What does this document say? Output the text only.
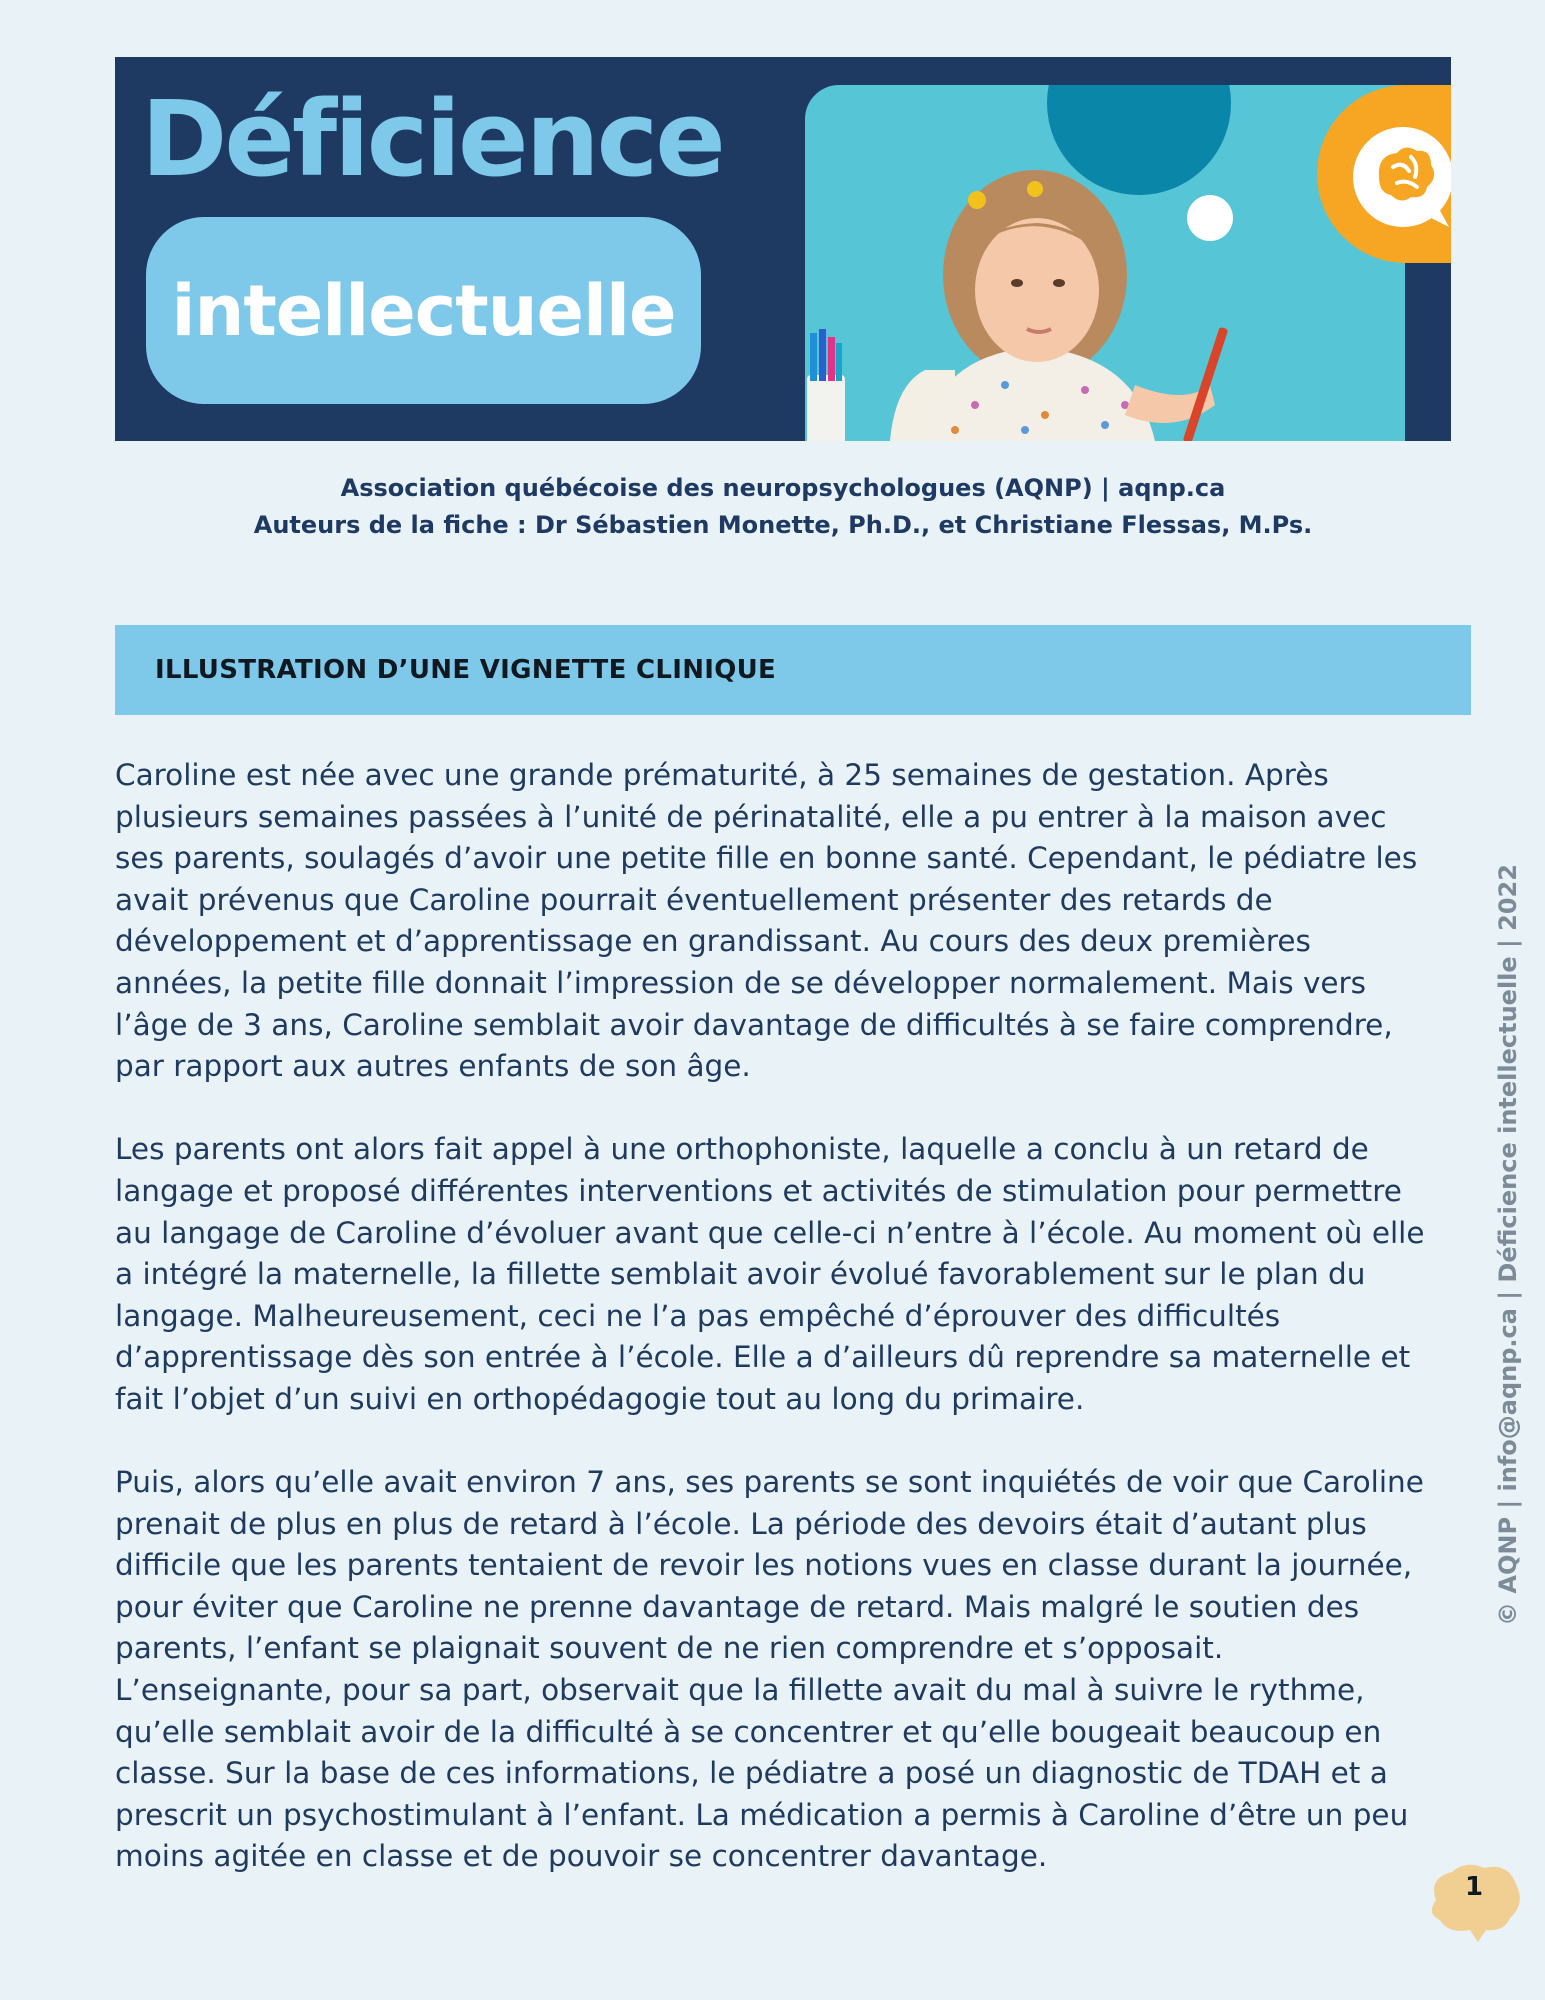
Déficience
intellectuelle
Association québécoise des neuropsychologues (AQNP) | aqnp.ca
Auteurs de la fiche : Dr Sébastien Monette, Ph.D., et Christiane Flessas, M.Ps.
ILLUSTRATION D’UNE VIGNETTE CLINIQUE

Caroline est née avec une grande prématurité, à 25 semaines de gestation. Après plusieurs semaines passées à l’unité de périnatalité, elle a pu entrer à la maison avec ses parents, soulagés d’avoir une petite fille en bonne santé. Cependant, le pédiatre les avait prévenus que Caroline pourrait éventuellement présenter des retards de développement et d’apprentissage en grandissant. Au cours des deux premières années, la petite fille donnait l’impression de se développer normalement. Mais vers l’âge de 3 ans, Caroline semblait avoir davantage de difficultés à se faire comprendre, par rapport aux autres enfants de son âge.

Les parents ont alors fait appel à une orthophoniste, laquelle a conclu à un retard de langage et proposé différentes interventions et activités de stimulation pour permettre au langage de Caroline d’évoluer avant que celle-ci n’entre à l’école. Au moment où elle a intégré la maternelle, la fillette semblait avoir évolué favorablement sur le plan du langage. Malheureusement, ceci ne l’a pas empêché d’éprouver des difficultés d’apprentissage dès son entrée à l’école. Elle a d’ailleurs dû reprendre sa maternelle et fait l’objet d’un suivi en orthopédagogie tout au long du primaire.

Puis, alors qu’elle avait environ 7 ans, ses parents se sont inquiétés de voir que Caroline prenait de plus en plus de retard à l’école. La période des devoirs était d’autant plus difficile que les parents tentaient de revoir les notions vues en classe durant la journée, pour éviter que Caroline ne prenne davantage de retard. Mais malgré le soutien des parents, l’enfant se plaignait souvent de ne rien comprendre et s’opposait. L’enseignante, pour sa part, observait que la fillette avait du mal à suivre le rythme, qu’elle semblait avoir de la difficulté à se concentrer et qu’elle bougeait beaucoup en classe. Sur la base de ces informations, le pédiatre a posé un diagnostic de TDAH et a prescrit un psychostimulant à l’enfant. La médication a permis à Caroline d’être un peu moins agitée en classe et de pouvoir se concentrer davantage.

© AQNP | info@aqnp.ca | Déficience intellectuelle | 2022
1
